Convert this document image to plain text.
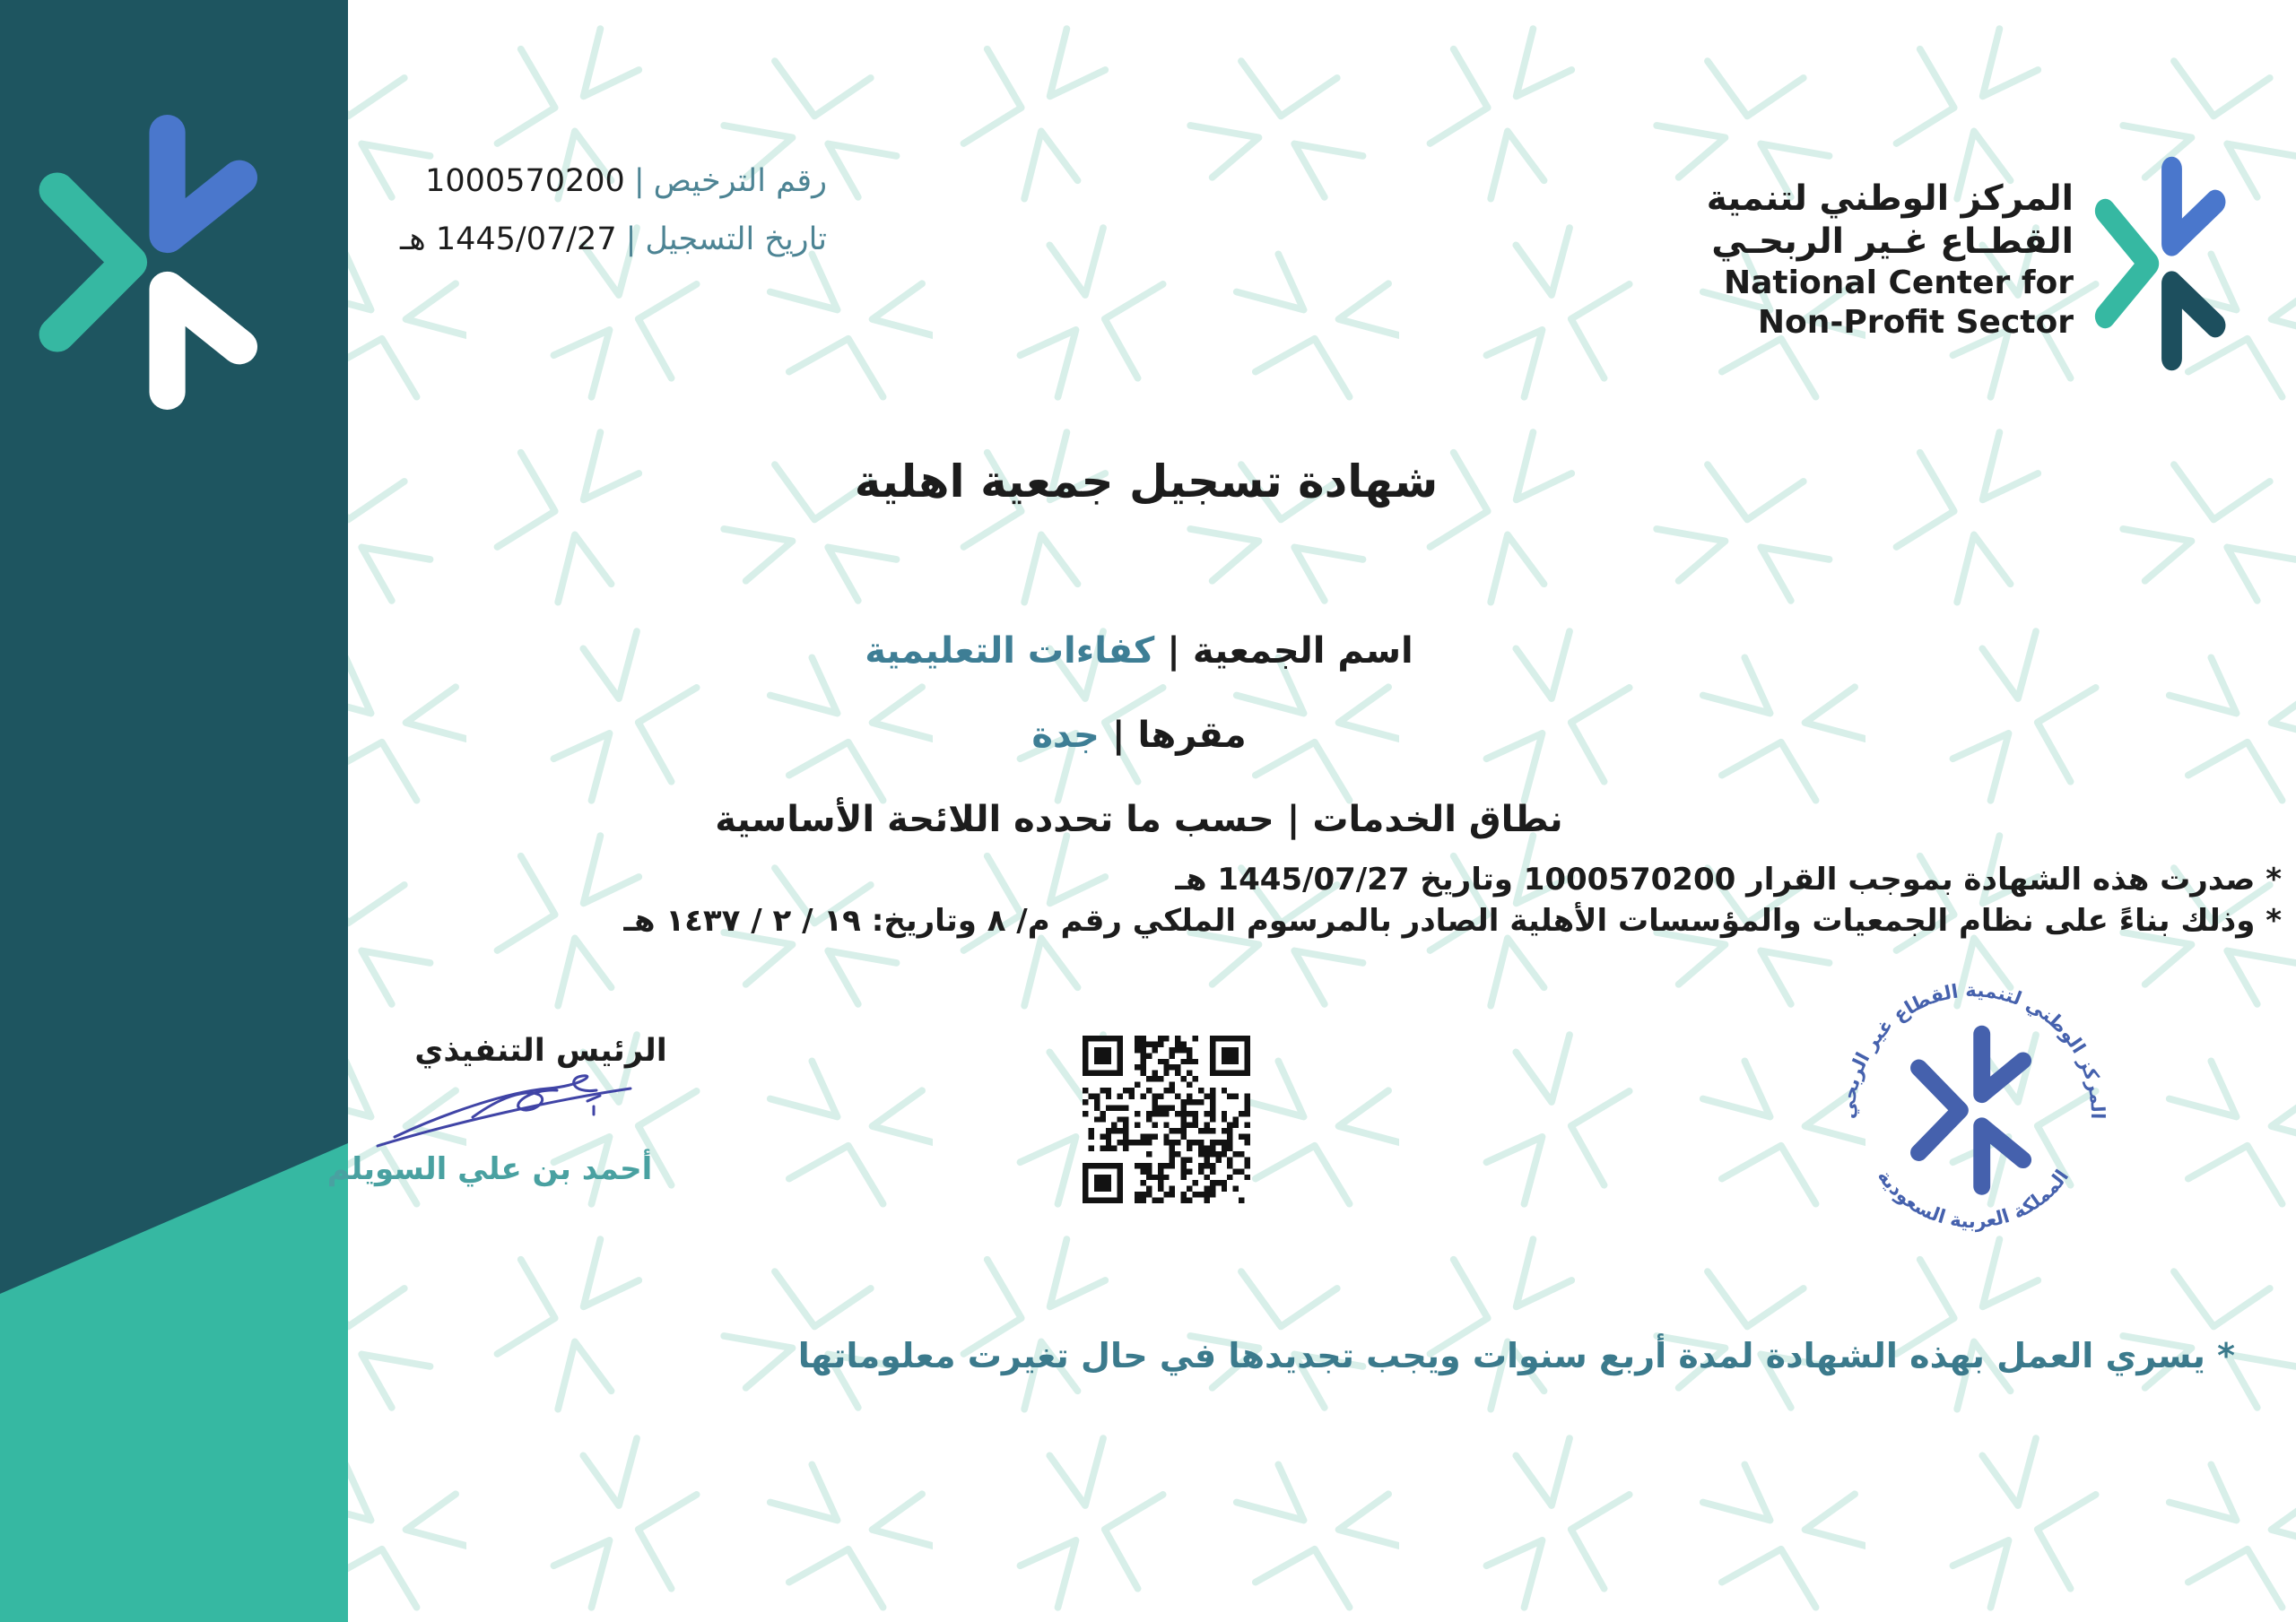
رقم الترخيص|1000570200
تاريخ التسجيل|1445/07/27 هـ
المركز الوطني لتنمية
القطـاع غـير الربحـي
National Center for
Non-Profit Sector
شهادة تسجيل جمعية اهلية
اسم الجمعية|كفاءات التعليمية
مقرها|جدة
نطاق الخدمات|حسب ما تحدده اللائحة الأساسية
* صدرت هذه الشهادة بموجب القرار 1000570200 وتاريخ 1445/07/27 هـ
* وذلك بناءً على نظام الجمعيات والمؤسسات الأهلية الصادر بالمرسوم الملكي رقم م/ ٨ وتاريخ: ١٩ / ٢ / ١٤٣٧ هـ
الرئيس التنفيذي
أحمد بن علي السويلم
المركز الوطني لتنمية القطاع غير الربحي
المملكة العربية السعودية
* يسري العمل بهذه الشهادة لمدة أربع سنوات ويجب تجديدها في حال تغيرت معلوماتها
